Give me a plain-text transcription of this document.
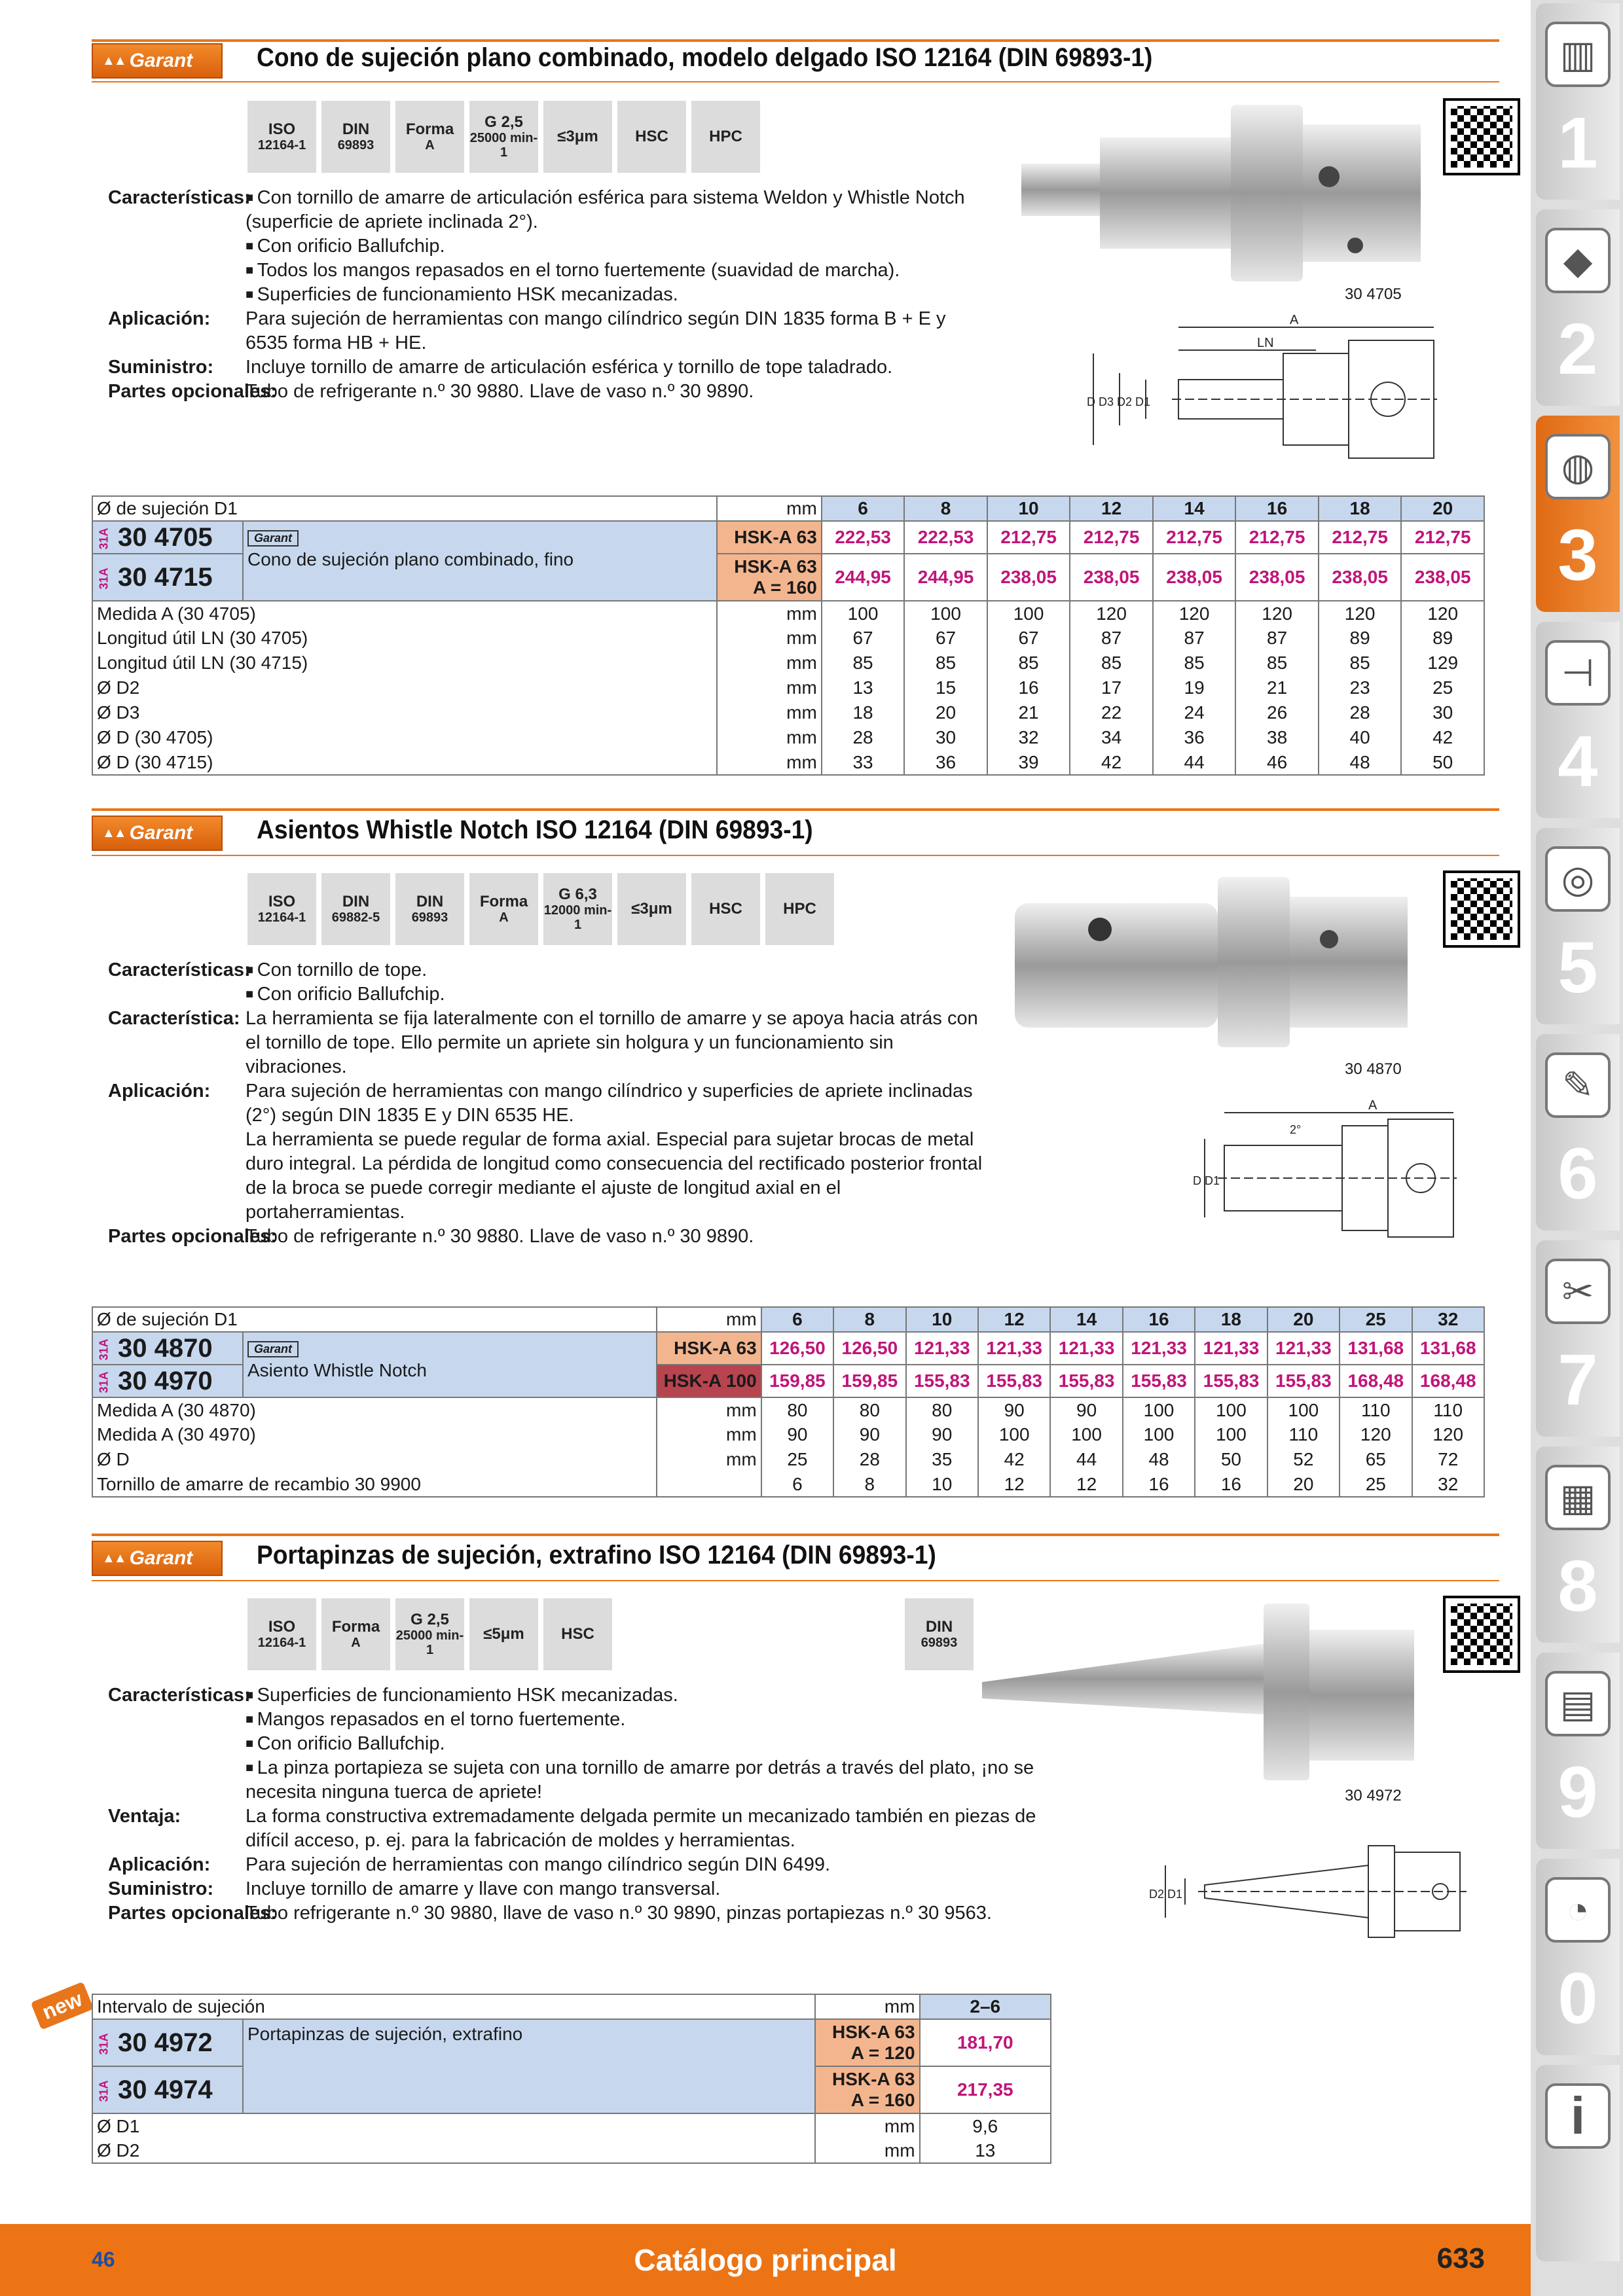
▲▲ Garant Cono de sujeción plano combinado, modelo delgado ISO 12164 (DIN 69893-1)
ISO
12164-1
DIN
69893
Forma
A
G 2,5
25000 min-1
≤3μm HSC	HPC
Características: ■ Con tornillo de amarre de articulación esférica para sistema Weldon y Whistle Notch (superficie de apriete inclinada 2°).
■ Con orificio Ballufchip.
■ Todos los mangos repasados en el torno fuertemente (suavidad de marcha).
■ Superficies de funcionamiento HSK mecanizadas.
Aplicación:	Para sujeción de herramientas con mango cilíndrico según DIN 1835 forma B + E y 6535 forma HB + HE.
Suministro:	Incluye tornillo de amarre de articulación esférica y tornillo de tope taladrado.
Partes opcionales:
Tubo de refrigerante n.º 30 9880. Llave de vaso n.º 30 9890.
30 4705
A
LN
D D3 D2 D1
Ø de sujeción D1		mm	6	8	10	12	14	16	18	20
31A 30 4705	Garant
Cono de sujeción plano combinado, fino	HSK-A 63	222,53	222,53	212,75	212,75	212,75	212,75	212,75	212,75
31A 30 4715		HSK-A 63 A = 160	244,95	244,95	238,05	238,05	238,05	238,05	238,05	238,05
Medida A (30 4705)		mm	100	100	100	120	120	120	120	120
Longitud útil LN (30 4705)		mm	67	67	67	87	87	87	89	89
Longitud útil LN (30 4715)		mm	85	85	85	85	85	85	85	129
Ø D2		mm	13	15	16	17	19	21	23	25
Ø D3		mm	18	20	21	22	24	26	28	30
Ø D (30 4705)		mm	28	30	32	34	36	38	40	42
Ø D (30 4715)		mm	33	36	39	42	44	46	48	50
▲▲ Garant Asientos Whistle Notch ISO 12164 (DIN 69893-1)
ISO
12164-1
DIN
69882-5
DIN
69893
Forma
A
G 6,3
12000 min-1
≤3μm HSC	HPC
Características: ■ Con tornillo de tope.
■ Con orificio Ballufchip.
Característica: La herramienta se fija lateralmente con el tornillo de amarre y se apoya hacia atrás con el tornillo de tope. Ello permite un apriete sin holgura y un funcionamiento sin vibraciones.
Aplicación:	Para sujeción de herramientas con mango cilíndrico y superficies de apriete inclinadas (2°) según DIN 1835 E y DIN 6535 HE.
La herramienta se puede regular de forma axial. Especial para sujetar brocas de metal duro integral. La pérdida de longitud como consecuencia del rectificado posterior frontal de la broca se puede corregir mediante el ajuste de longitud axial en el portaherramientas.
Partes opcionales:
Tubo de refrigerante n.º 30 9880. Llave de vaso n.º 30 9890.
30 4870
A
2°
D D1
Ø de sujeción D1		mm	6	8	10	12	14	16	18	20	25	32
31A 30 4870	Garant
Asiento Whistle Notch	HSK-A 63	126,50	126,50	121,33	121,33	121,33	121,33	121,33	121,33	131,68	131,68
31A 30 4970		HSK-A 100	159,85	159,85	155,83	155,83	155,83	155,83	155,83	155,83	168,48	168,48
Medida A (30 4870)		mm	80	80	80	90	90	100	100	100	110	110
Medida A (30 4970)		mm	90	90	90	100	100	100	100	110	120	120
Ø D		mm	25	28	35	42	44	48	50	52	65	72
Tornillo de amarre de recambio 30 9900			6	8	10	12	12	16	16	20	25	32
▲▲ Garant Portapinzas de sujeción, extrafino ISO 12164 (DIN 69893-1)
ISO
12164-1
Forma
A
G 2,5
25000 min-1
≤5μm HSC	DIN
69893
Características: ■ Superficies de funcionamiento HSK mecanizadas.
■ Mangos repasados en el torno fuertemente.
■ Con orificio Ballufchip.
■ La pinza portapieza se sujeta con una tornillo de amarre por detrás a través del plato, ¡no se necesita ninguna tuerca de apriete!
Ventaja:	La forma constructiva extremadamente delgada permite un mecanizado también en piezas de difícil acceso, p. ej. para la fabricación de moldes y herramientas.
Aplicación:	Para sujeción de herramientas con mango cilíndrico según DIN 6499.
Suministro:	Incluye tornillo de amarre y llave con mango transversal.
Partes opcionales:
Tubo refrigerante n.º 30 9880, llave de vaso n.º 30 9890, pinzas portapiezas n.º 30 9563.
30 4972
D2 D1
new Intervalo de sujeción		mm	2–6
31A 30 4972	Portapinzas de sujeción, extrafino	HSK-A 63 A = 120	181,70
31A 30 4974		HSK-A 63 A = 160	217,35
Ø D1		mm	9,6
Ø D2		mm	13
▥
1
◆
2
◍
3
⊣
4
◎
5
✎
6
✂
7
▦
8
▤
9
◔
0
i
46	Catálogo principal	633
